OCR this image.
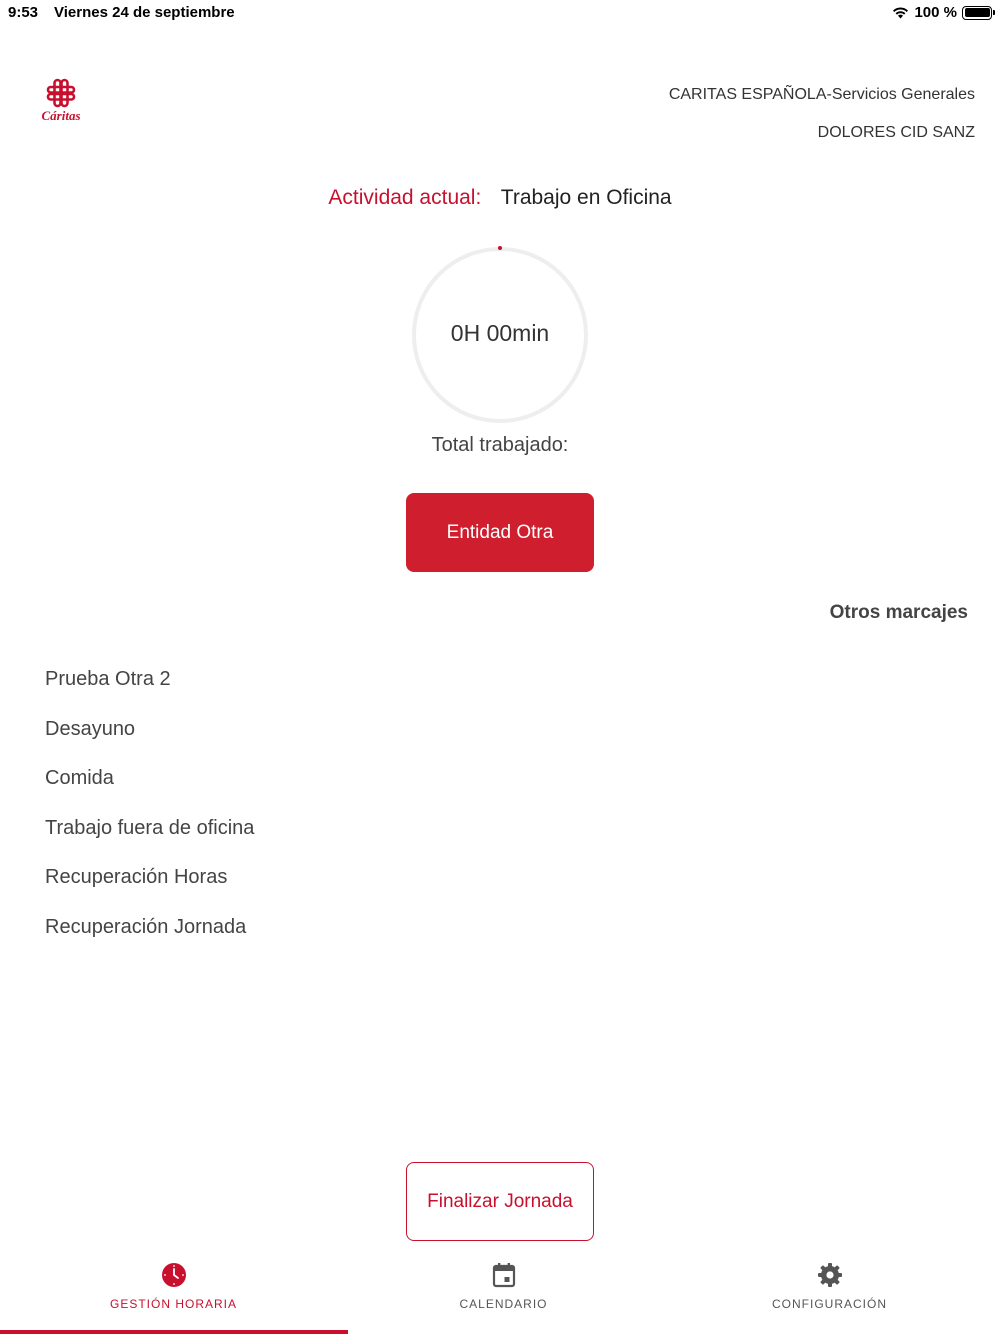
9:53 Viernes 24 de septiembre	100 %
Cáritas
CARITAS ESPAÑOLA-Servicios Generales
DOLORES CID SANZ
Actividad actual: Trabajo en Oficina
0H 00min
Total trabajado:
Entidad Otra
Otros marcajes
Prueba Otra 2
Desayuno
Comida
Trabajo fuera de oficina
Recuperación Horas
Recuperación Jornada
Finalizar Jornada
GESTIÓN HORARIA	CALENDARIO	CONFIGURACIÓN
